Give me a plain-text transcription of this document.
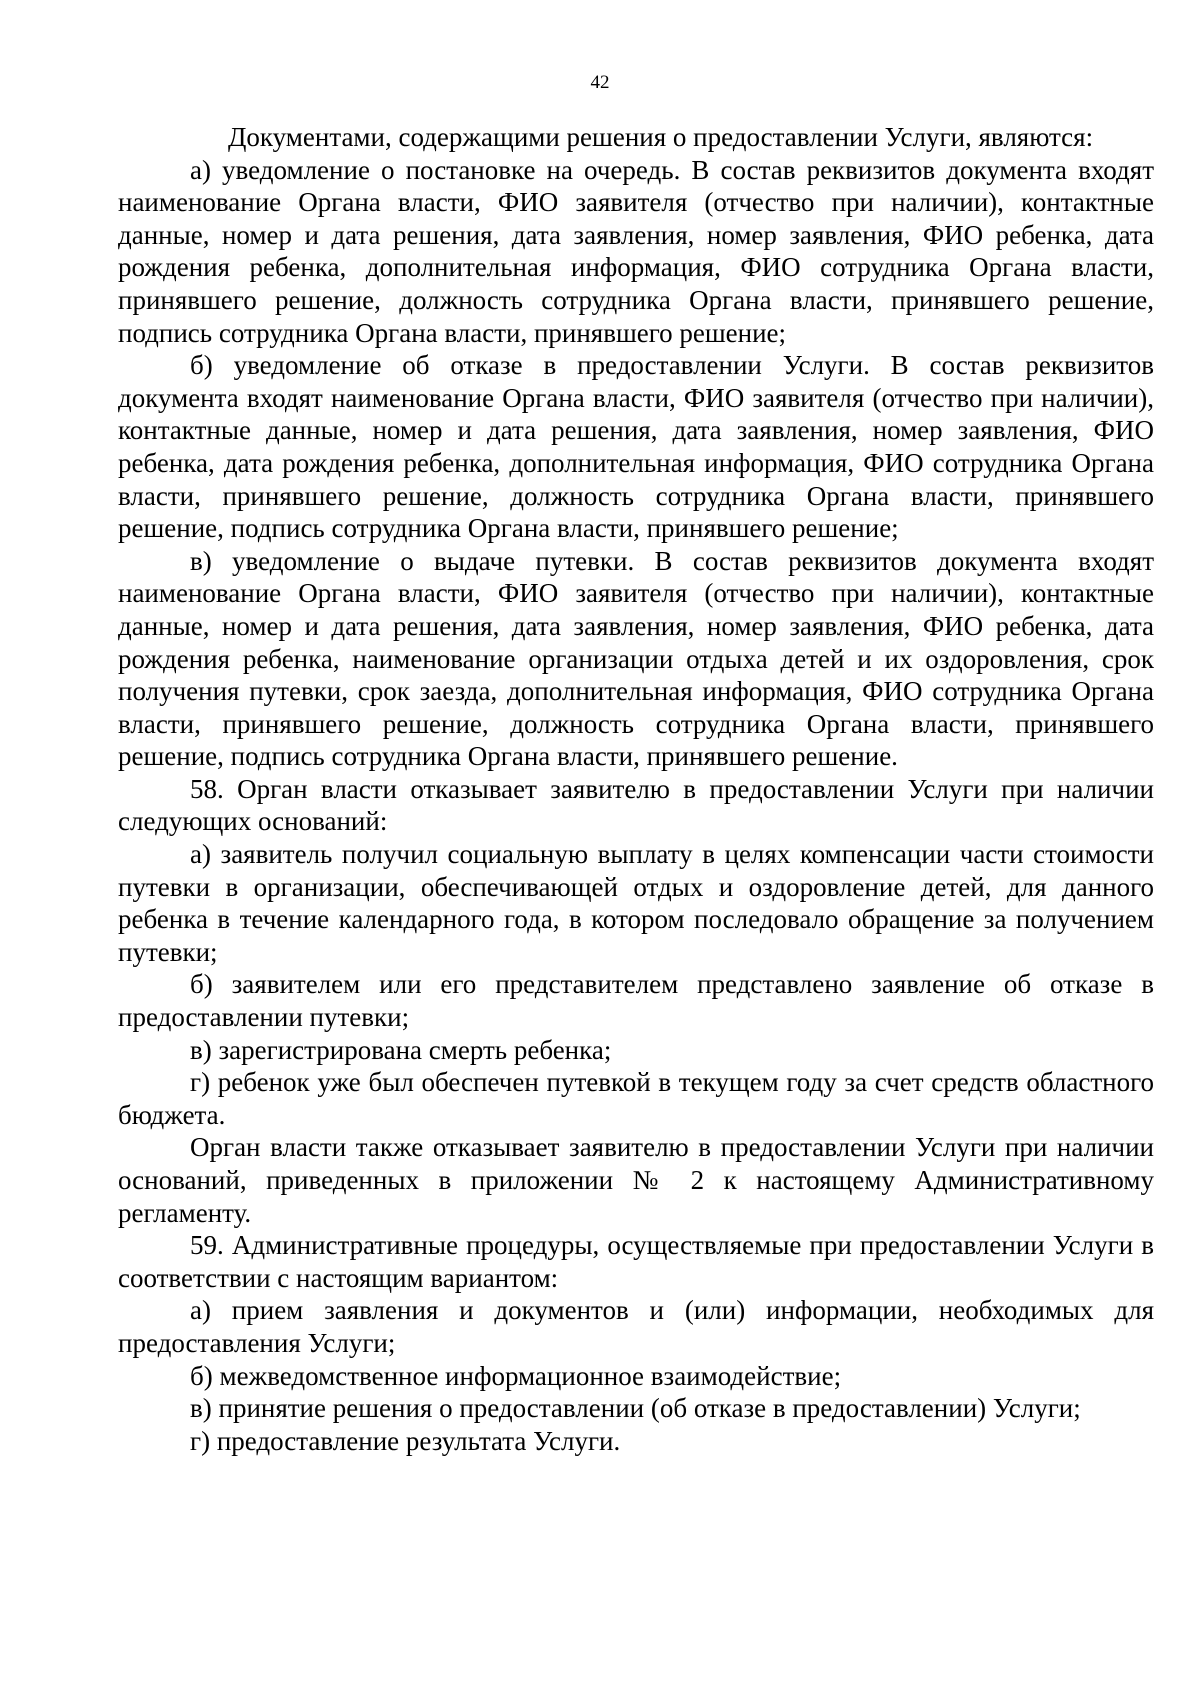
42

Документами, содержащими решения о предоставлении Услуги, являются:

а) уведомление о постановке на очередь. В состав реквизитов документа входят наименование Органа власти, ФИО заявителя (отчество при наличии), контактные данные, номер и дата решения, дата заявления, номер заявления, ФИО ребенка, дата рождения ребенка, дополнительная информация, ФИО сотрудника Органа власти, принявшего решение, должность сотрудника Органа власти, принявшего решение, подпись сотрудника Органа власти, принявшего решение;

б) уведомление об отказе в предоставлении Услуги. В состав реквизитов документа входят наименование Органа власти, ФИО заявителя (отчество при наличии), контактные данные, номер и дата решения, дата заявления, номер заявления, ФИО ребенка, дата рождения ребенка, дополнительная информация, ФИО сотрудника Органа власти, принявшего решение, должность сотрудника Органа власти, принявшего решение, подпись сотрудника Органа власти, принявшего решение;

в) уведомление о выдаче путевки. В состав реквизитов документа входят наименование Органа власти, ФИО заявителя (отчество при наличии), контактные данные, номер и дата решения, дата заявления, номер заявления, ФИО ребенка, дата рождения ребенка, наименование организации отдыха детей и их оздоровления, срок получения путевки, срок заезда, дополнительная информация, ФИО сотрудника Органа власти, принявшего решение, должность сотрудника Органа власти, принявшего решение, подпись сотрудника Органа власти, принявшего решение.

58. Орган власти отказывает заявителю в предоставлении Услуги при наличии следующих оснований:

а) заявитель получил социальную выплату в целях компенсации части стоимости путевки в организации, обеспечивающей отдых и оздоровление детей, для данного ребенка в течение календарного года, в котором последовало обращение за получением путевки;

б) заявителем или его представителем представлено заявление об отказе в предоставлении путевки;

в) зарегистрирована смерть ребенка;

г) ребенок уже был обеспечен путевкой в текущем году за счет средств областного бюджета.

Орган власти также отказывает заявителю в предоставлении Услуги при наличии оснований, приведенных в приложении № 2 к настоящему Административному регламенту.

59. Административные процедуры, осуществляемые при предоставлении Услуги в соответствии с настоящим вариантом:

а) прием заявления и документов и (или) информации, необходимых для предоставления Услуги;

б) межведомственное информационное взаимодействие;

в) принятие решения о предоставлении (об отказе в предоставлении) Услуги;

г) предоставление результата Услуги.
